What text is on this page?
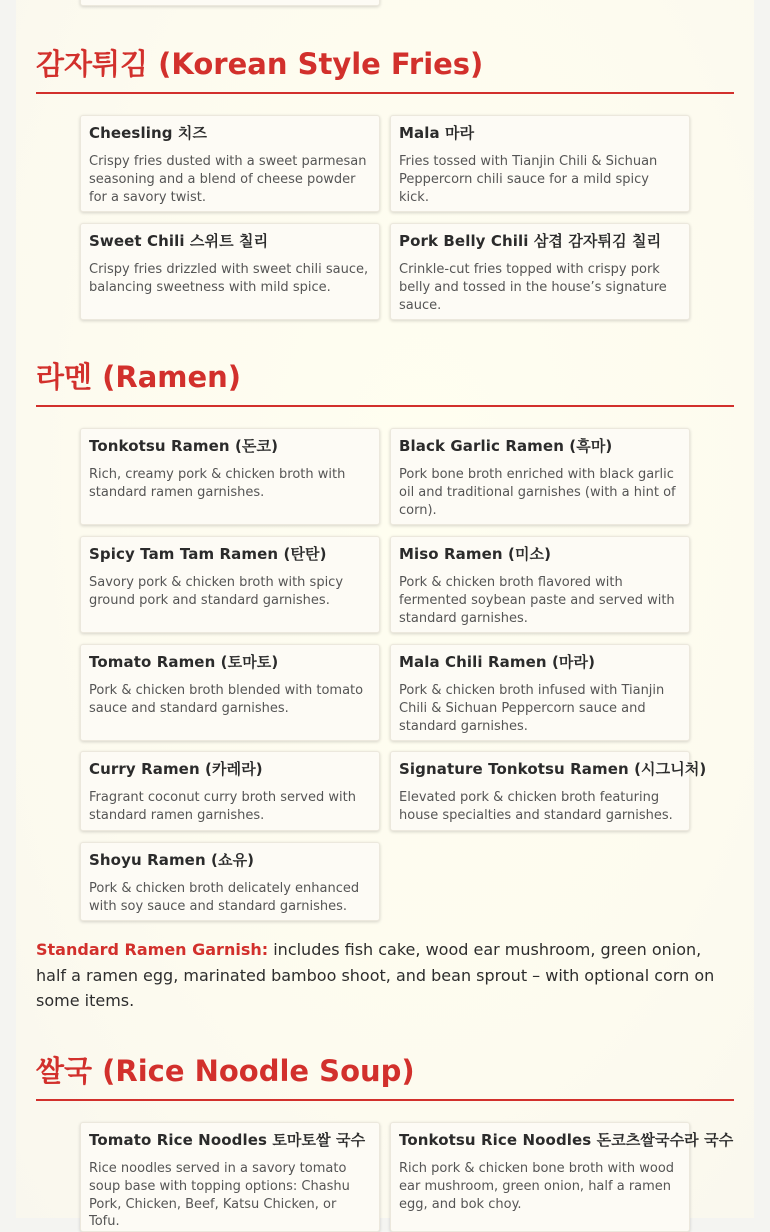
감자튀김 (Korean Style Fries)
Cheesling 치즈
Crispy fries dusted with a sweet parmesan seasoning and a blend of cheese powder for a savory twist.
Mala 마라
Fries tossed with Tianjin Chili & Sichuan Peppercorn chili sauce for a mild spicy kick.
Sweet Chili 스위트 칠리
Crispy fries drizzled with sweet chili sauce, balancing sweetness with mild spice.
Pork Belly Chili 삼겹 감자튀김 칠리
Crinkle-cut fries topped with crispy pork belly and tossed in the house’s signature sauce.
라멘 (Ramen)
Tonkotsu Ramen (돈코)
Rich, creamy pork & chicken broth with standard ramen garnishes.
Black Garlic Ramen (흑마)
Pork bone broth enriched with black garlic oil and traditional garnishes (with a hint of corn).
Spicy Tam Tam Ramen (탄탄)
Savory pork & chicken broth with spicy ground pork and standard garnishes.
Miso Ramen (미소)
Pork & chicken broth flavored with fermented soybean paste and served with standard garnishes.
Tomato Ramen (토마토)
Pork & chicken broth blended with tomato sauce and standard garnishes.
Mala Chili Ramen (마라)
Pork & chicken broth infused with Tianjin Chili & Sichuan Peppercorn sauce and standard garnishes.
Curry Ramen (카레라)
Fragrant coconut curry broth served with standard ramen garnishes.
Signature Tonkotsu Ramen (시그니처)
Elevated pork & chicken broth featuring house specialties and standard garnishes.
Shoyu Ramen (쇼유)
Pork & chicken broth delicately enhanced with soy sauce and standard garnishes.
Standard Ramen Garnish: includes fish cake, wood ear mushroom, green onion, half a ramen egg, marinated bamboo shoot, and bean sprout – with optional corn on some items.
쌀국 (Rice Noodle Soup)
Tomato Rice Noodles 토마토쌀 국수
Rice noodles served in a savory tomato soup base with topping options: Chashu Pork, Chicken, Beef, Katsu Chicken, or Tofu.
Tonkotsu Rice Noodles 돈코츠쌀국수라 국수
Rich pork & chicken bone broth with wood ear mushroom, green onion, half a ramen egg, and bok choy.
